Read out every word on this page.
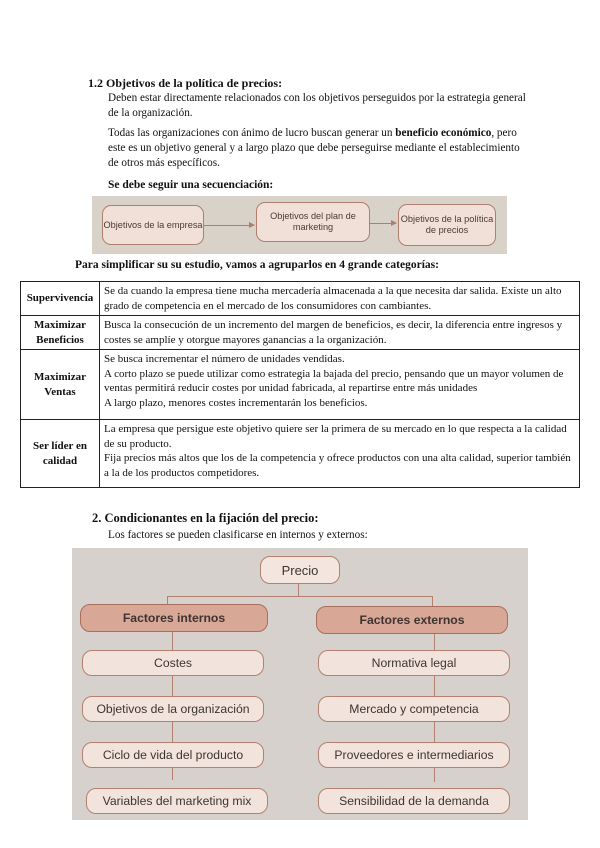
1.2 Objetivos de la política de precios:
Deben estar directamente relacionados con los objetivos perseguidos por la estrategia general de la organización.
Todas las organizaciones con ánimo de lucro buscan generar un beneficio económico, pero este es un objetivo general y a largo plazo que debe perseguirse mediante el establecimiento de otros más específicos.
Se debe seguir una secuenciación:
Objetivos de la empresa
Objetivos del plan de marketing
Objetivos de la política de precios
Para simplificar su su estudio, vamos a agruparlos en 4 grande categorías:
Supervivencia	Se da cuando la empresa tiene mucha mercadería almacenada a la que necesita dar salida. Existe un alto grado de competencia en el mercado de los consumidores con cambiantes.
Maximizar Beneficios	Busca la consecución de un incremento del margen de beneficios, es decir, la diferencia entre ingresos y costes se amplíe y otorgue mayores ganancias a la organización.
Maximizar Ventas	Se busca incrementar el número de unidades vendidas.
A corto plazo se puede utilizar como estrategia la bajada del precio, pensando que un mayor volumen de ventas permitirá reducir costes por unidad fabricada, al repartirse entre más unidades
A largo plazo, menores costes incrementarán los beneficios.

Ser líder en calidad	La empresa que persigue este objetivo quiere ser la primera de su mercado en lo que respecta a la calidad de su producto.
Fija precios más altos que los de la competencia y ofrece productos con una alta calidad, superior también a la de los productos competidores.
2. Condicionantes en la fijación del precio:
Los factores se pueden clasificarse en internos y externos:
Precio
Factores internos	Factores externos
Costes
Objetivos de la organización
Ciclo de vida del producto
Variables del marketing mix
Normativa legal
Mercado y competencia
Proveedores e intermediarios
Sensibilidad de la demanda
